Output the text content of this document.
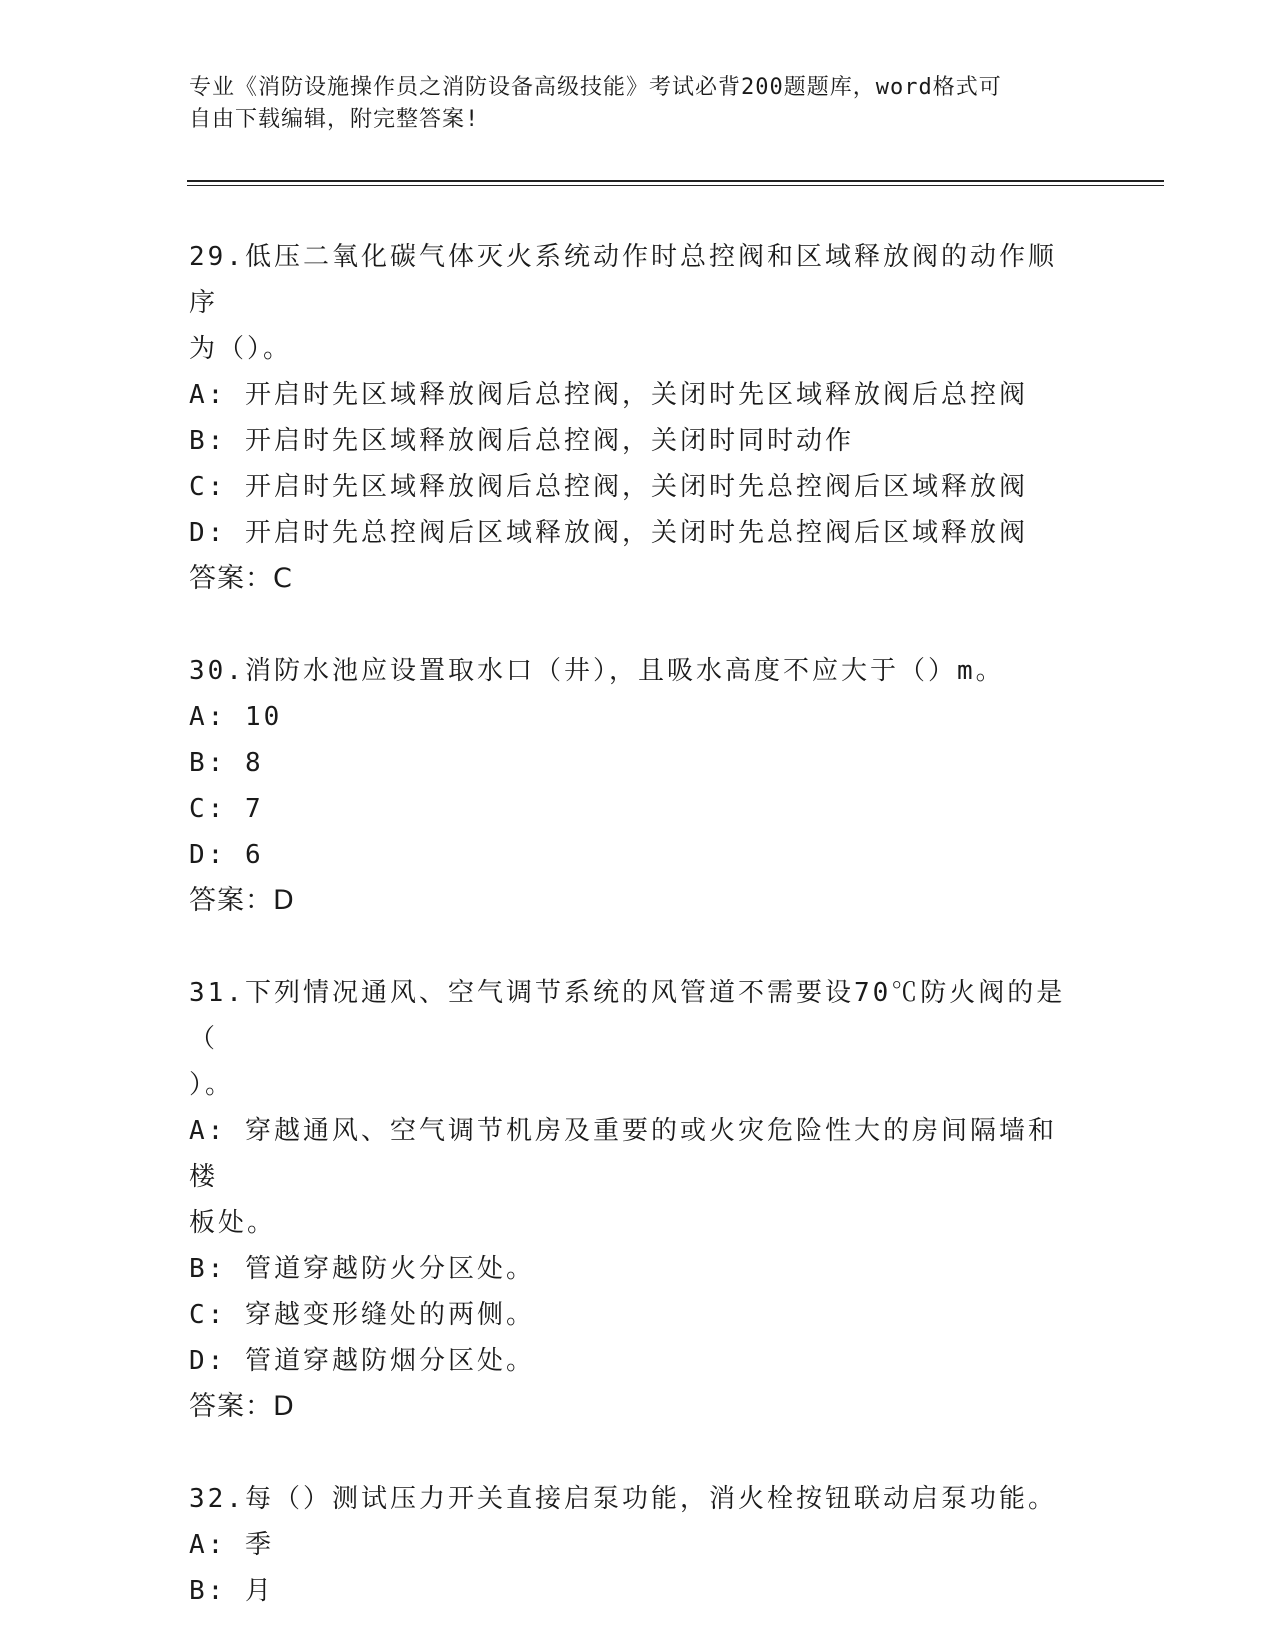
专业《消防设施操作员之消防设备高级技能》考试必背200题题库，word格式可
自由下载编辑，附完整答案!
29.低压二氧化碳气体灭火系统动作时总控阀和区域释放阀的动作顺序
为（）。
A: 开启时先区域释放阀后总控阀，关闭时先区域释放阀后总控阀
B: 开启时先区域释放阀后总控阀，关闭时同时动作
C: 开启时先区域释放阀后总控阀，关闭时先总控阀后区域释放阀
D: 开启时先总控阀后区域释放阀，关闭时先总控阀后区域释放阀
答案：C
30.消防水池应设置取水口（井），且吸水高度不应大于（）m。
A: 10
B: 8
C: 7
D: 6
答案：D
31.下列情况通风、空气调节系统的风管道不需要设70℃防火阀的是（
）。
A: 穿越通风、空气调节机房及重要的或火灾危险性大的房间隔墙和楼
板处。
B: 管道穿越防火分区处。
C: 穿越变形缝处的两侧。
D: 管道穿越防烟分区处。
答案：D
32.每（）测试压力开关直接启泵功能，消火栓按钮联动启泵功能。
A: 季
B: 月
